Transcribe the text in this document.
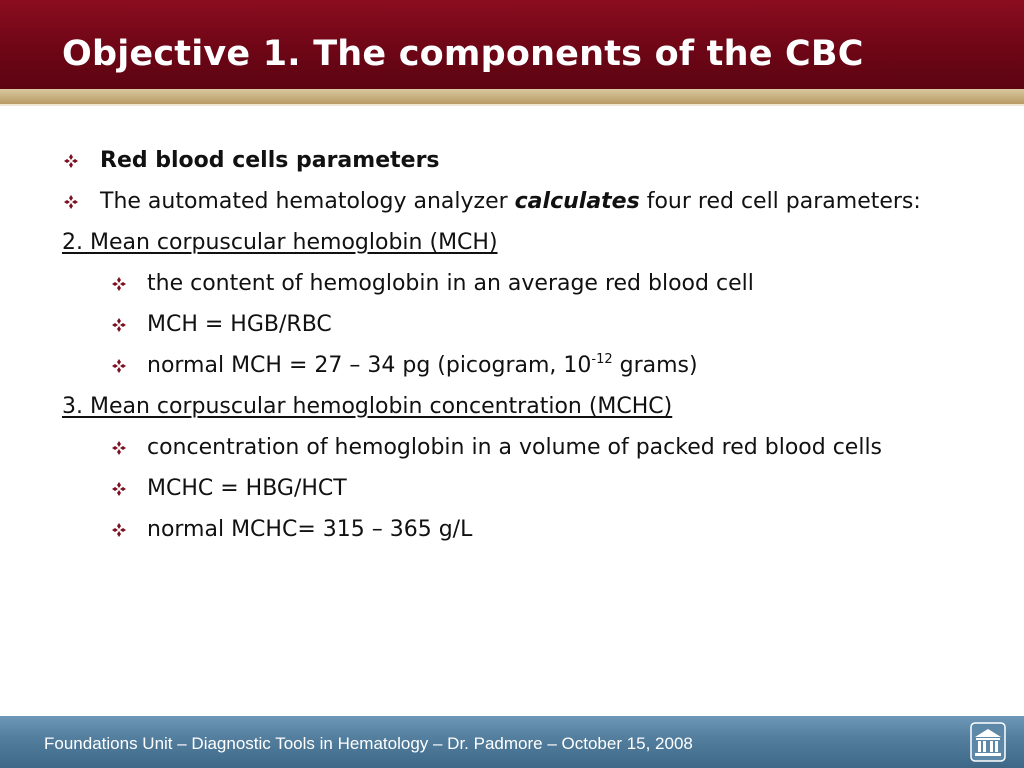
Objective 1. The components of the CBC
Red blood cells parameters
The automated hematology analyzer calculates four red cell parameters:
2. Mean corpuscular hemoglobin (MCH)
the content of hemoglobin in an average red blood cell
MCH = HGB/RBC
normal MCH = 27 – 34 pg (picogram, $10^{-12}$ grams)
3. Mean corpuscular hemoglobin concentration (MCHC)
concentration of hemoglobin in a volume of packed red blood cells
MCHC = HBG/HCT
normal MCHC= 315 – 365 g/L
Foundations Unit – Diagnostic Tools in Hematology – Dr. Padmore – October 15, 2008
